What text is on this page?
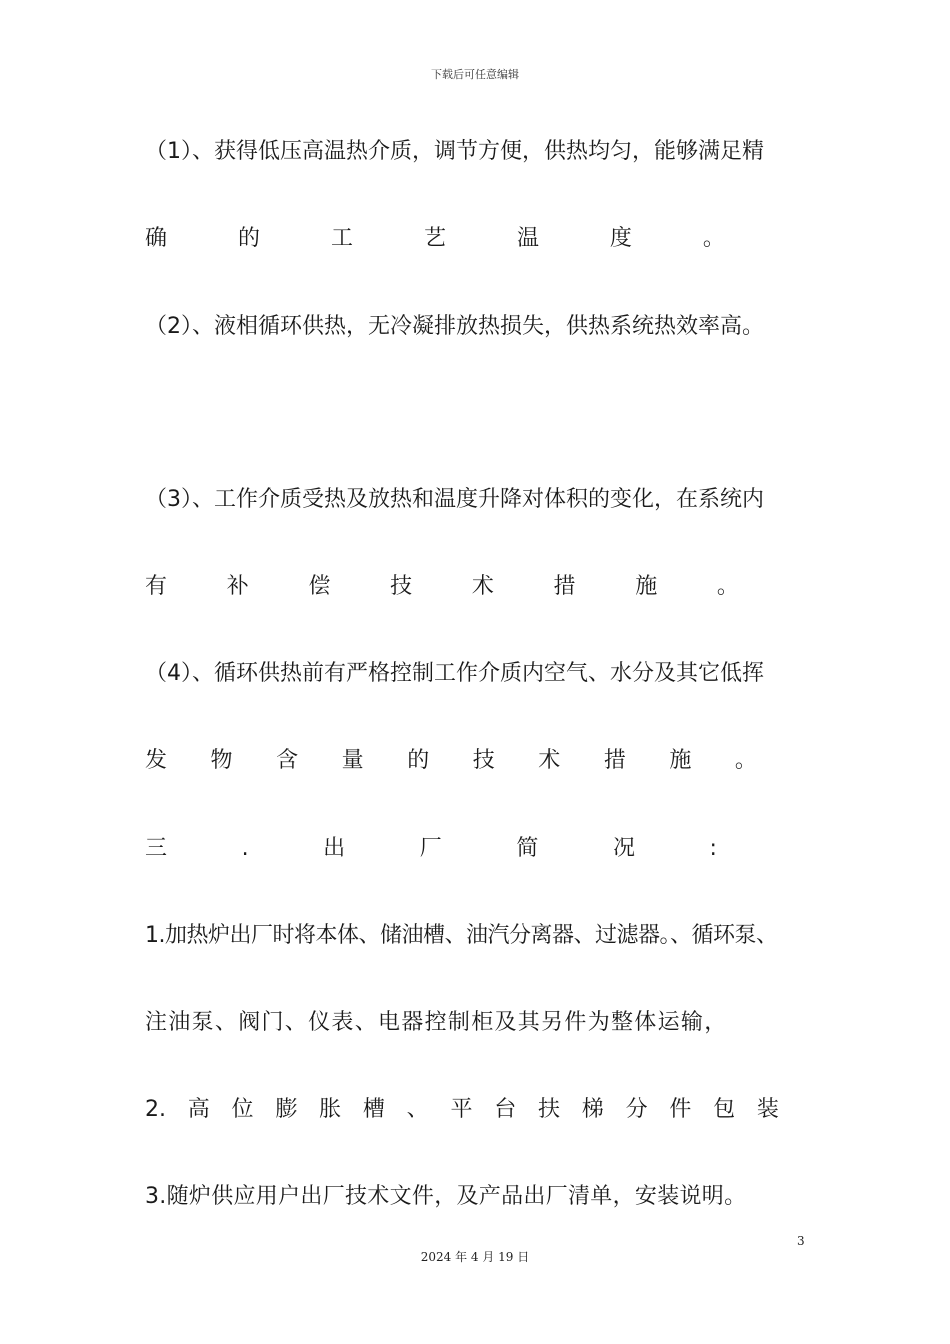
下载后可任意编辑
（1）、获得低压高温热介质，调节方便，供热均匀，能够满足精
确	的	工	艺	温	度	。
（2）、液相循环供热，无冷凝排放热损失，供热系统热效率高。
（3）、工作介质受热及放热和温度升降对体积的变化，在系统内
有	补	偿	技	术	措	施	。
（4）、循环供热前有严格控制工作介质内空气、水分及其它低挥
发 物 含 量 的 技 术 措 施 。
三	.	出	厂	简	况	:
1.加热炉出厂时将本体、储油槽、油汽分离器、过滤器。、循环泵、
注油泵、阀门、仪表、电器控制柜及其另件为整体运输，
2. 高 位 膨 胀 槽 、 平 台 扶 梯 分 件 包 装
3.随炉供应用户出厂技术文件，及产品出厂清单，安装说明。
3
2024 年 4 月 19 日
